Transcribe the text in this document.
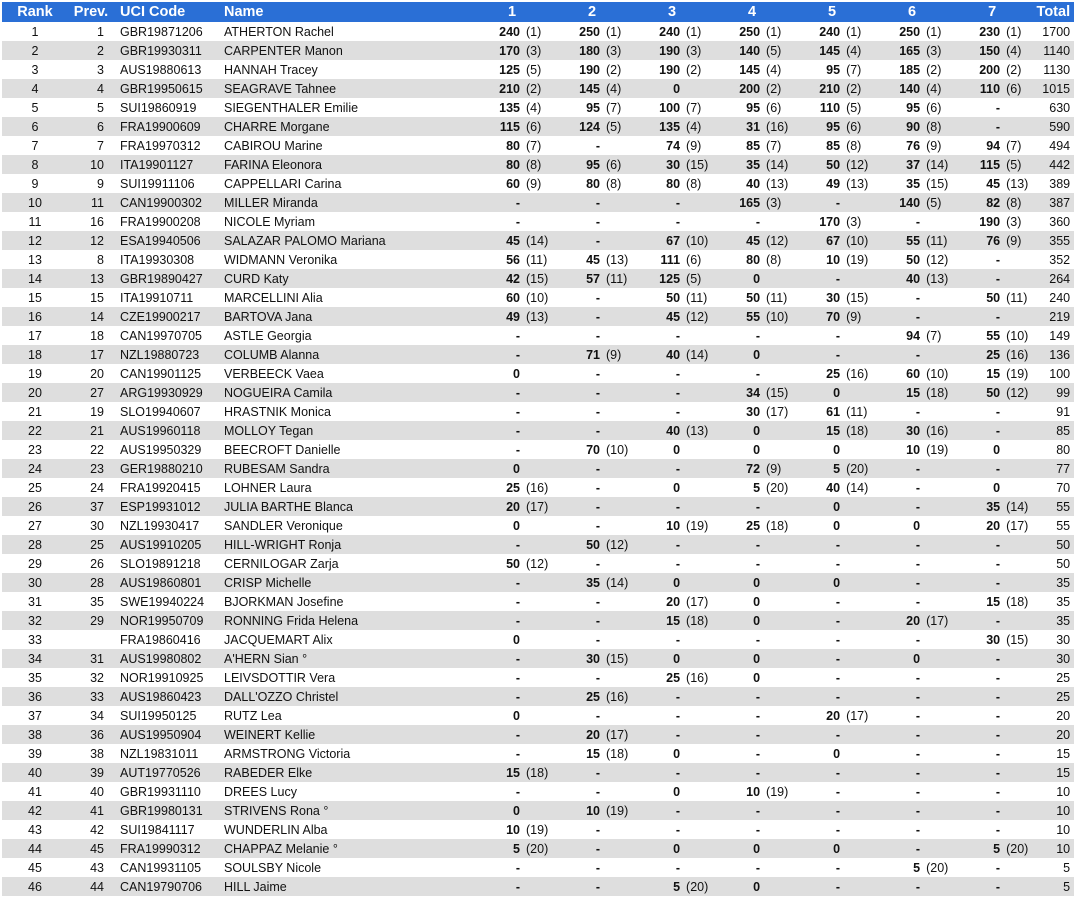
Rank	Prev.	UCI Code	Name	1		2		3		4		5		6		7		Total
1	1	GBR19871206	ATHERTON Rachel	240	(1)	250	(1)	240	(1)	250	(1)	240	(1)	250	(1)	230	(1)	1700
2	2	GBR19930311	CARPENTER Manon	170	(3)	180	(3)	190	(3)	140	(5)	145	(4)	165	(3)	150	(4)	1140
3	3	AUS19880613	HANNAH Tracey	125	(5)	190	(2)	190	(2)	145	(4)	95	(7)	185	(2)	200	(2)	1130
4	4	GBR19950615	SEAGRAVE Tahnee	210	(2)	145	(4)	0		200	(2)	210	(2)	140	(4)	110	(6)	1015
5	5	SUI19860919	SIEGENTHALER Emilie	135	(4)	95	(7)	100	(7)	95	(6)	110	(5)	95	(6)	-		630
6	6	FRA19900609	CHARRE Morgane	115	(6)	124	(5)	135	(4)	31	(16)	95	(6)	90	(8)	-		590
7	7	FRA19970312	CABIROU Marine	80	(7)	-		74	(9)	85	(7)	85	(8)	76	(9)	94	(7)	494
8	10	ITA19901127	FARINA Eleonora	80	(8)	95	(6)	30	(15)	35	(14)	50	(12)	37	(14)	115	(5)	442
9	9	SUI19911106	CAPPELLARI Carina	60	(9)	80	(8)	80	(8)	40	(13)	49	(13)	35	(15)	45	(13)	389
10	11	CAN19900302	MILLER Miranda	-		-		-		165	(3)	-		140	(5)	82	(8)	387
11	16	FRA19900208	NICOLE Myriam	-		-		-		-		170	(3)	-		190	(3)	360
12	12	ESA19940506	SALAZAR PALOMO Mariana	45	(14)	-		67	(10)	45	(12)	67	(10)	55	(11)	76	(9)	355
13	8	ITA19930308	WIDMANN Veronika	56	(11)	45	(13)	111	(6)	80	(8)	10	(19)	50	(12)	-		352
14	13	GBR19890427	CURD Katy	42	(15)	57	(11)	125	(5)	0		-		40	(13)	-		264
15	15	ITA19910711	MARCELLINI Alia	60	(10)	-		50	(11)	50	(11)	30	(15)	-		50	(11)	240
16	14	CZE19900217	BARTOVA Jana	49	(13)	-		45	(12)	55	(10)	70	(9)	-		-		219
17	18	CAN19970705	ASTLE Georgia	-		-		-		-		-		94	(7)	55	(10)	149
18	17	NZL19880723	COLUMB Alanna	-		71	(9)	40	(14)	0		-		-		25	(16)	136
19	20	CAN19901125	VERBEECK Vaea	0		-		-		-		25	(16)	60	(10)	15	(19)	100
20	27	ARG19930929	NOGUEIRA Camila	-		-		-		34	(15)	0		15	(18)	50	(12)	99
21	19	SLO19940607	HRASTNIK Monica	-		-		-		30	(17)	61	(11)	-		-		91
22	21	AUS19960118	MOLLOY Tegan	-		-		40	(13)	0		15	(18)	30	(16)	-		85
23	22	AUS19950329	BEECROFT Danielle	-		70	(10)	0		0		0		10	(19)	0		80
24	23	GER19880210	RUBESAM Sandra	0		-		-		72	(9)	5	(20)	-		-		77
25	24	FRA19920415	LOHNER Laura	25	(16)	-		0		5	(20)	40	(14)	-		0		70
26	37	ESP19931012	JULIA BARTHE Blanca	20	(17)	-		-		-		0		-		35	(14)	55
27	30	NZL19930417	SANDLER Veronique	0		-		10	(19)	25	(18)	0		0		20	(17)	55
28	25	AUS19910205	HILL-WRIGHT Ronja	-		50	(12)	-		-		-		-		-		50
29	26	SLO19891218	CERNILOGAR Zarja	50	(12)	-		-		-		-		-		-		50
30	28	AUS19860801	CRISP Michelle	-		35	(14)	0		0		0		-		-		35
31	35	SWE19940224	BJORKMAN Josefine	-		-		20	(17)	0		-		-		15	(18)	35
32	29	NOR19950709	RONNING Frida Helena	-		-		15	(18)	0		-		20	(17)	-		35
33		FRA19860416	JACQUEMART Alix	0		-		-		-		-		-		30	(15)	30
34	31	AUS19980802	A'HERN Sian °	-		30	(15)	0		0		-		0		-		30
35	32	NOR19910925	LEIVSDOTTIR Vera	-		-		25	(16)	0		-		-		-		25
36	33	AUS19860423	DALL'OZZO Christel	-		25	(16)	-		-		-		-		-		25
37	34	SUI19950125	RUTZ Lea	0		-		-		-		20	(17)	-		-		20
38	36	AUS19950904	WEINERT Kellie	-		20	(17)	-		-		-		-		-		20
39	38	NZL19831011	ARMSTRONG Victoria	-		15	(18)	0		-		0		-		-		15
40	39	AUT19770526	RABEDER Elke	15	(18)	-		-		-		-		-		-		15
41	40	GBR19931110	DREES Lucy	-		-		0		10	(19)	-		-		-		10
42	41	GBR19980131	STRIVENS Rona °	0		10	(19)	-		-		-		-		-		10
43	42	SUI19841117	WUNDERLIN Alba	10	(19)	-		-		-		-		-		-		10
44	45	FRA19990312	CHAPPAZ Melanie °	5	(20)	-		0		0		0		-		5	(20)	10
45	43	CAN19931105	SOULSBY Nicole	-		-		-		-		-		5	(20)	-		5
46	44	CAN19790706	HILL Jaime	-		-		5	(20)	0		-		-		-		5
